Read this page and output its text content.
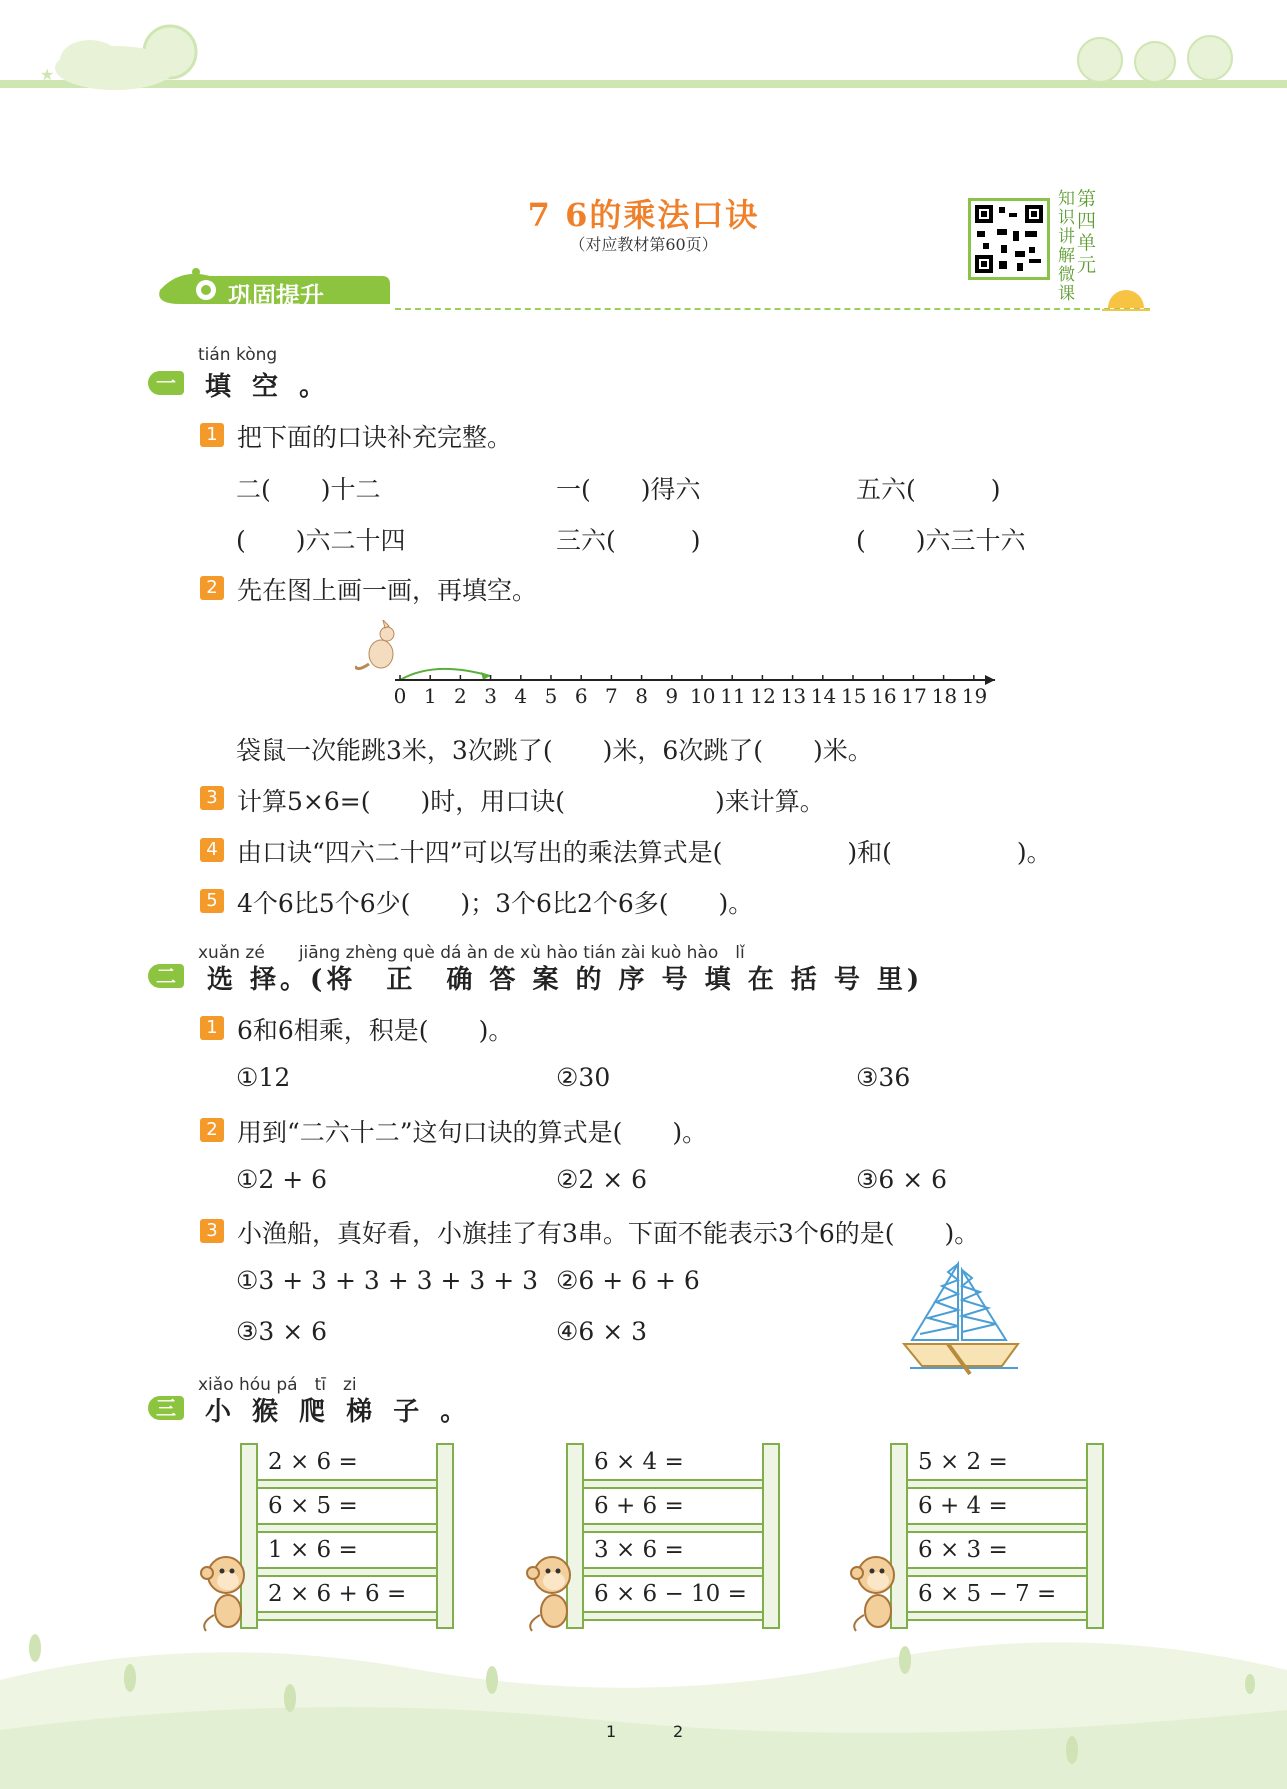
★
7 6的乘法口诀
（对应教材第60页）
知
识
讲
解
微
课
第
四
单
元
巩固提升
tián kòng
一	填 空 。
1 把下面的口诀补充完整。
二(　　)十二	一(　　)得六	五六(　　　)
(　　)六二十四	三六(　　　)	(　　)六三十六
2 先在图上画一画，再填空。
0 1 2 3 4 5 6 7 8 9 10 11 12 13 14 15 16 17 18 19
袋鼠一次能跳3米，3次跳了(　　)米，6次跳了(　　)米。
3 计算5×6=(　　)时，用口诀(　　　　　　)来计算。
4 由口诀“四六二十四”可以写出的乘法算式是(　　　　　)和(　　　　　)。
5 4个6比5个6少(　　)；3个6比2个6多(　　)。
xuǎn zé　　jiāng zhèng què dá àn de xù hào tián zài kuò hào　lǐ
二	选 择。(将　正　确 答 案 的 序 号 填 在 括 号 里)
1 6和6相乘，积是(　　)。
①12	②30	③36
2 用到“二六十二”这句口诀的算式是(　　)。
①2 + 6	②2 × 6	③6 × 6
3 小渔船，真好看，小旗挂了有3串。下面不能表示3个6的是(　　)。
①3 + 3 + 3 + 3 + 3 + 3 ②6 + 6 + 6
③3 × 6	④6 × 3
xiǎo hóu pá　tī　zi
三	小 猴 爬 梯 子 。
2 × 6 =
6 × 5 =
1 × 6 =
2 × 6 + 6 =
6 × 4 =
6 + 6 =
3 × 6 =
6 × 6 − 10 =
5 × 2 =
6 + 4 =
6 × 3 =
6 × 5 − 7 =
1	2
